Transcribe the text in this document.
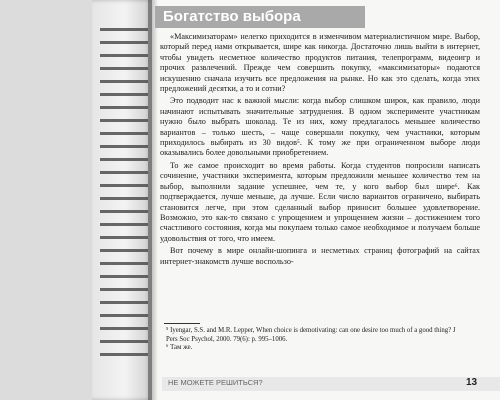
Богатство выбора

«Максимизаторам» нелегко приходится в изменчивом материалистичном мире. Выбор, который перед нами открывается, шире как никогда. Достаточно лишь выйти в интернет, чтобы увидеть несметное количество продуктов питания, телепрограмм, видеоигр и прочих развлечений. Прежде чем совершить покупку, «максимизаторы» подаются искушению сначала изучить все предложения на рынке. Но как это сделать, когда этих предложений десятки, а то и сотни?

Это подводит нас к важной мысли: когда выбор слишком широк, как правило, люди начинают испытывать значительные затруднения. В одном эксперименте участникам нужно было выбрать шоколад. Те из них, кому предлагалось меньшее количество вариантов – только шесть, – чаще совершали покупку, чем участники, которым приходилось выбирать из 30 видов⁵. К тому же при ограниченном выборе люди оказывались более довольными приобретением.

То же самое происходит во время работы. Когда студентов попросили написать сочинение, участники эксперимента, которым предложили меньшее количество тем на выбор, выполнили задание успешнее, чем те, у кого выбор был шире⁶. Как подтверждается, лучше меньше, да лучше. Если число вариантов ограничено, выбирать становится легче, при этом сделанный выбор приносит большее удовлетворение. Возможно, это как-то связано с упрощением и упрощением жизни – достижением того счастливого состояния, когда мы покупаем только самое необходимое и получаем больше удовольствия от того, что имеем.

Вот почему в мире онлайн-шопинга и несметных страниц фотографий на сайтах интернет-знакомств лучше воспользо-

⁵ Iyengar, S.S. and M.R. Lepper, When choice is demotivating: can one desire too much of a good thing? J Pers Soc Psychol, 2000. 79(6): p. 995–1006.
⁶ Там же.
НЕ МОЖЕТЕ РЕШИТЬСЯ?	13
